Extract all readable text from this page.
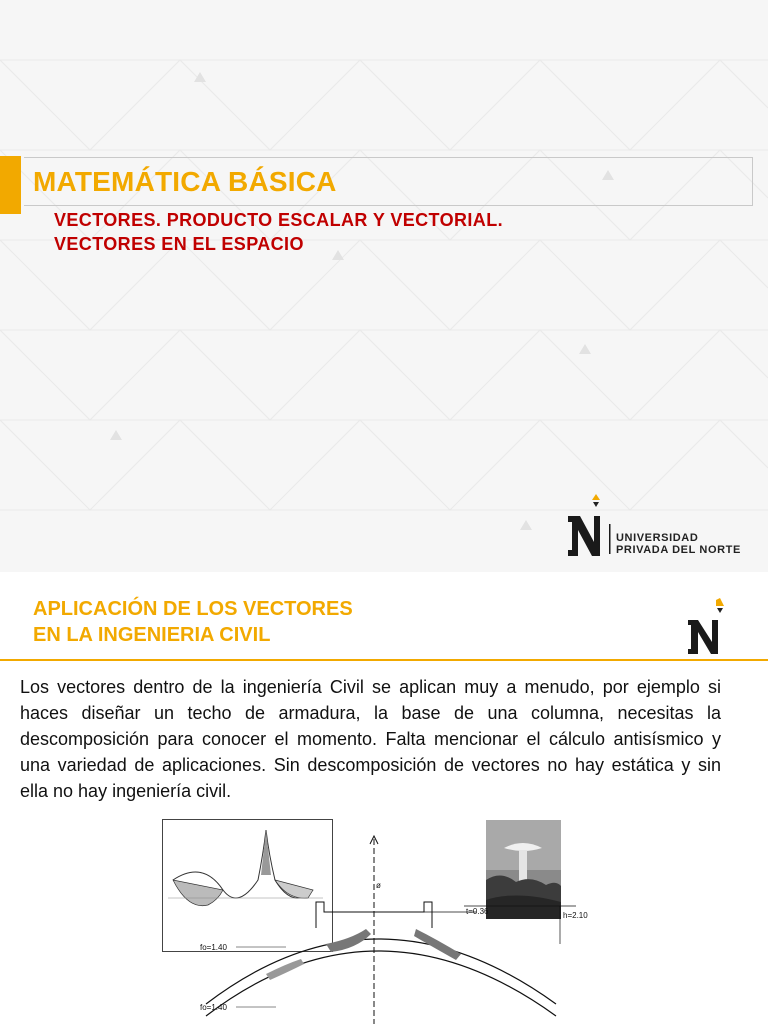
MATEMÁTICA BÁSICA
VECTORES. PRODUCTO ESCALAR Y VECTORIAL.
VECTORES EN EL ESPACIO
UNIVERSIDAD
PRIVADA DEL NORTE
APLICACIÓN DE LOS VECTORES
EN LA INGENIERIA CIVIL
Los vectores dentro de la ingeniería Civil se aplican muy a menudo, por ejemplo si haces diseñar un techo de armadura, la base de una columna, necesitas la descomposición para conocer el momento. Falta mencionar el cálculo antisísmico y una variedad de aplicaciones. Sin descomposición de vectores no hay estática y sin ella no hay ingeniería civil.
ø
t=0.36	h=2.10
fo=1.40
fo=1.40
